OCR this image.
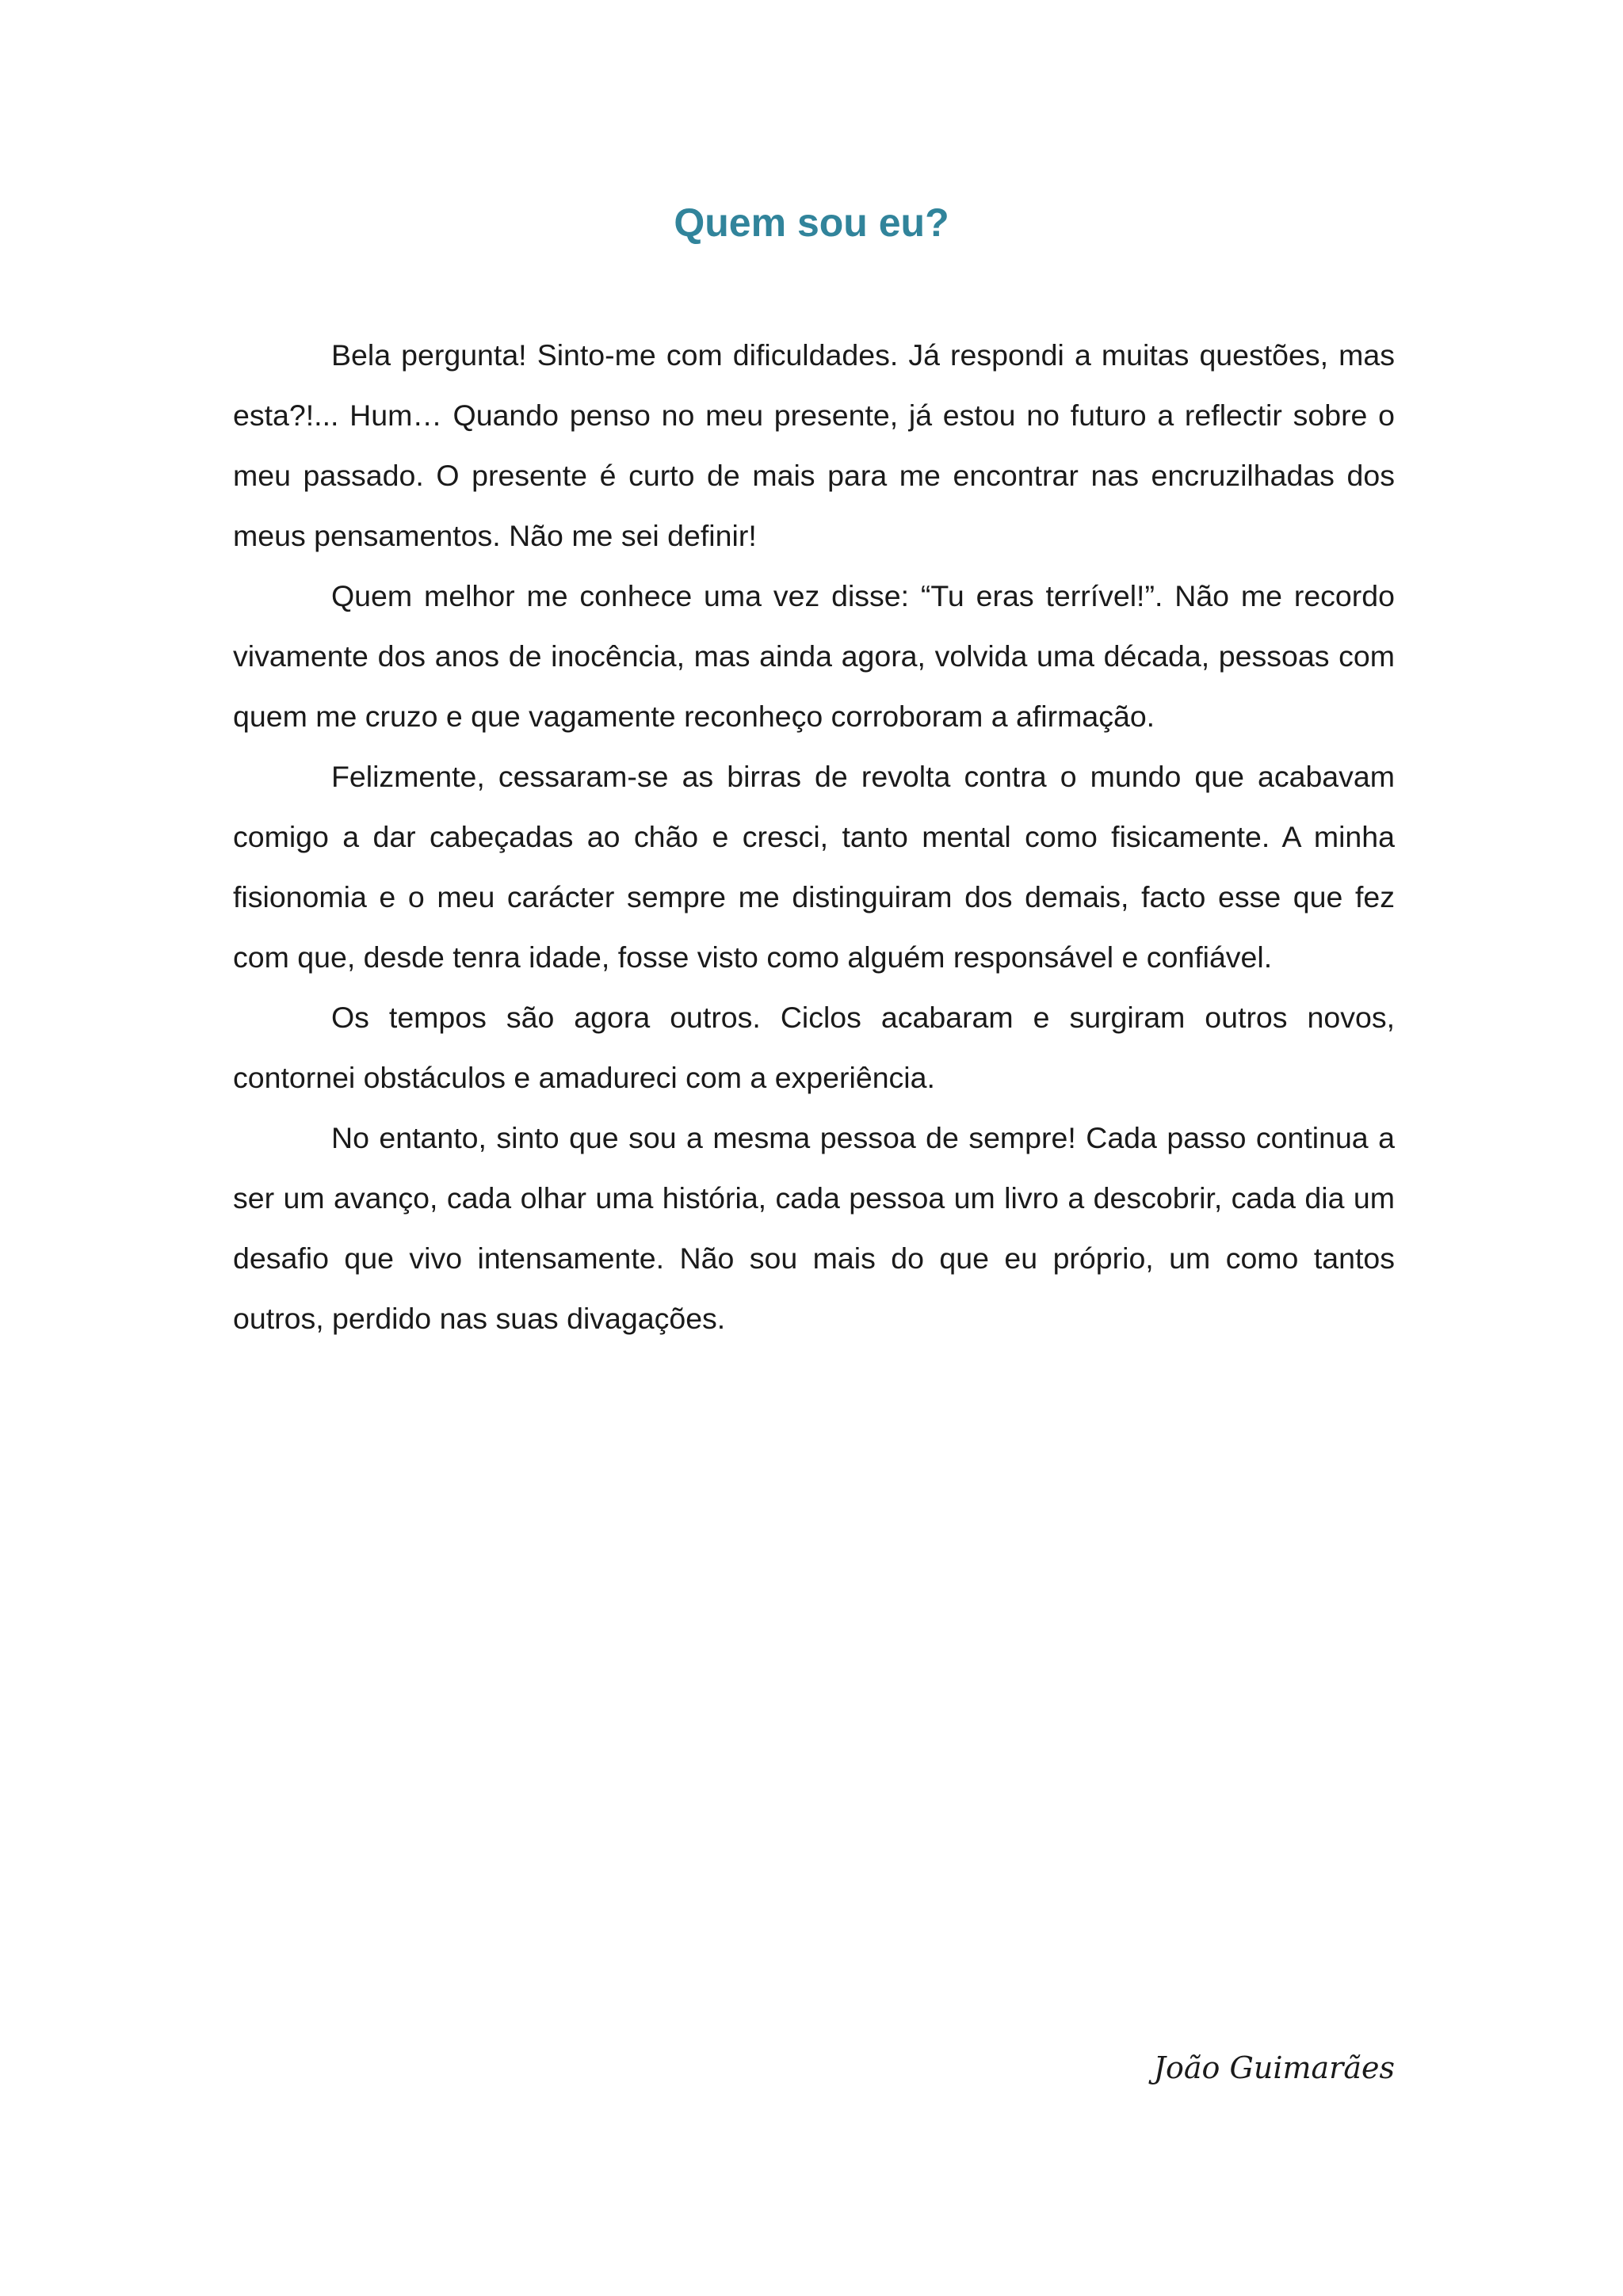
Quem sou eu?

Bela pergunta! Sinto-me com dificuldades. Já respondi a muitas questões, mas esta?!... Hum… Quando penso no meu presente, já estou no futuro a reflectir sobre o meu passado. O presente é curto de mais para me encontrar nas encruzilhadas dos meus pensamentos. Não me sei definir!

Quem melhor me conhece uma vez disse: “Tu eras terrível!”. Não me recordo vivamente dos anos de inocência, mas ainda agora, volvida uma década, pessoas com quem me cruzo e que vagamente reconheço corroboram a afirmação.

Felizmente, cessaram-se as birras de revolta contra o mundo que acabavam comigo a dar cabeçadas ao chão e cresci, tanto mental como fisicamente. A minha fisionomia e o meu carácter sempre me distinguiram dos demais, facto esse que fez com que, desde tenra idade, fosse visto como alguém responsável e confiável.

Os tempos são agora outros. Ciclos acabaram e surgiram outros novos, contornei obstáculos e amadureci com a experiência.

No entanto, sinto que sou a mesma pessoa de sempre! Cada passo continua a ser um avanço, cada olhar uma história, cada pessoa um livro a descobrir, cada dia um desafio que vivo intensamente. Não sou mais do que eu próprio, um como tantos outros, perdido nas suas divagações.

João Guimarães
